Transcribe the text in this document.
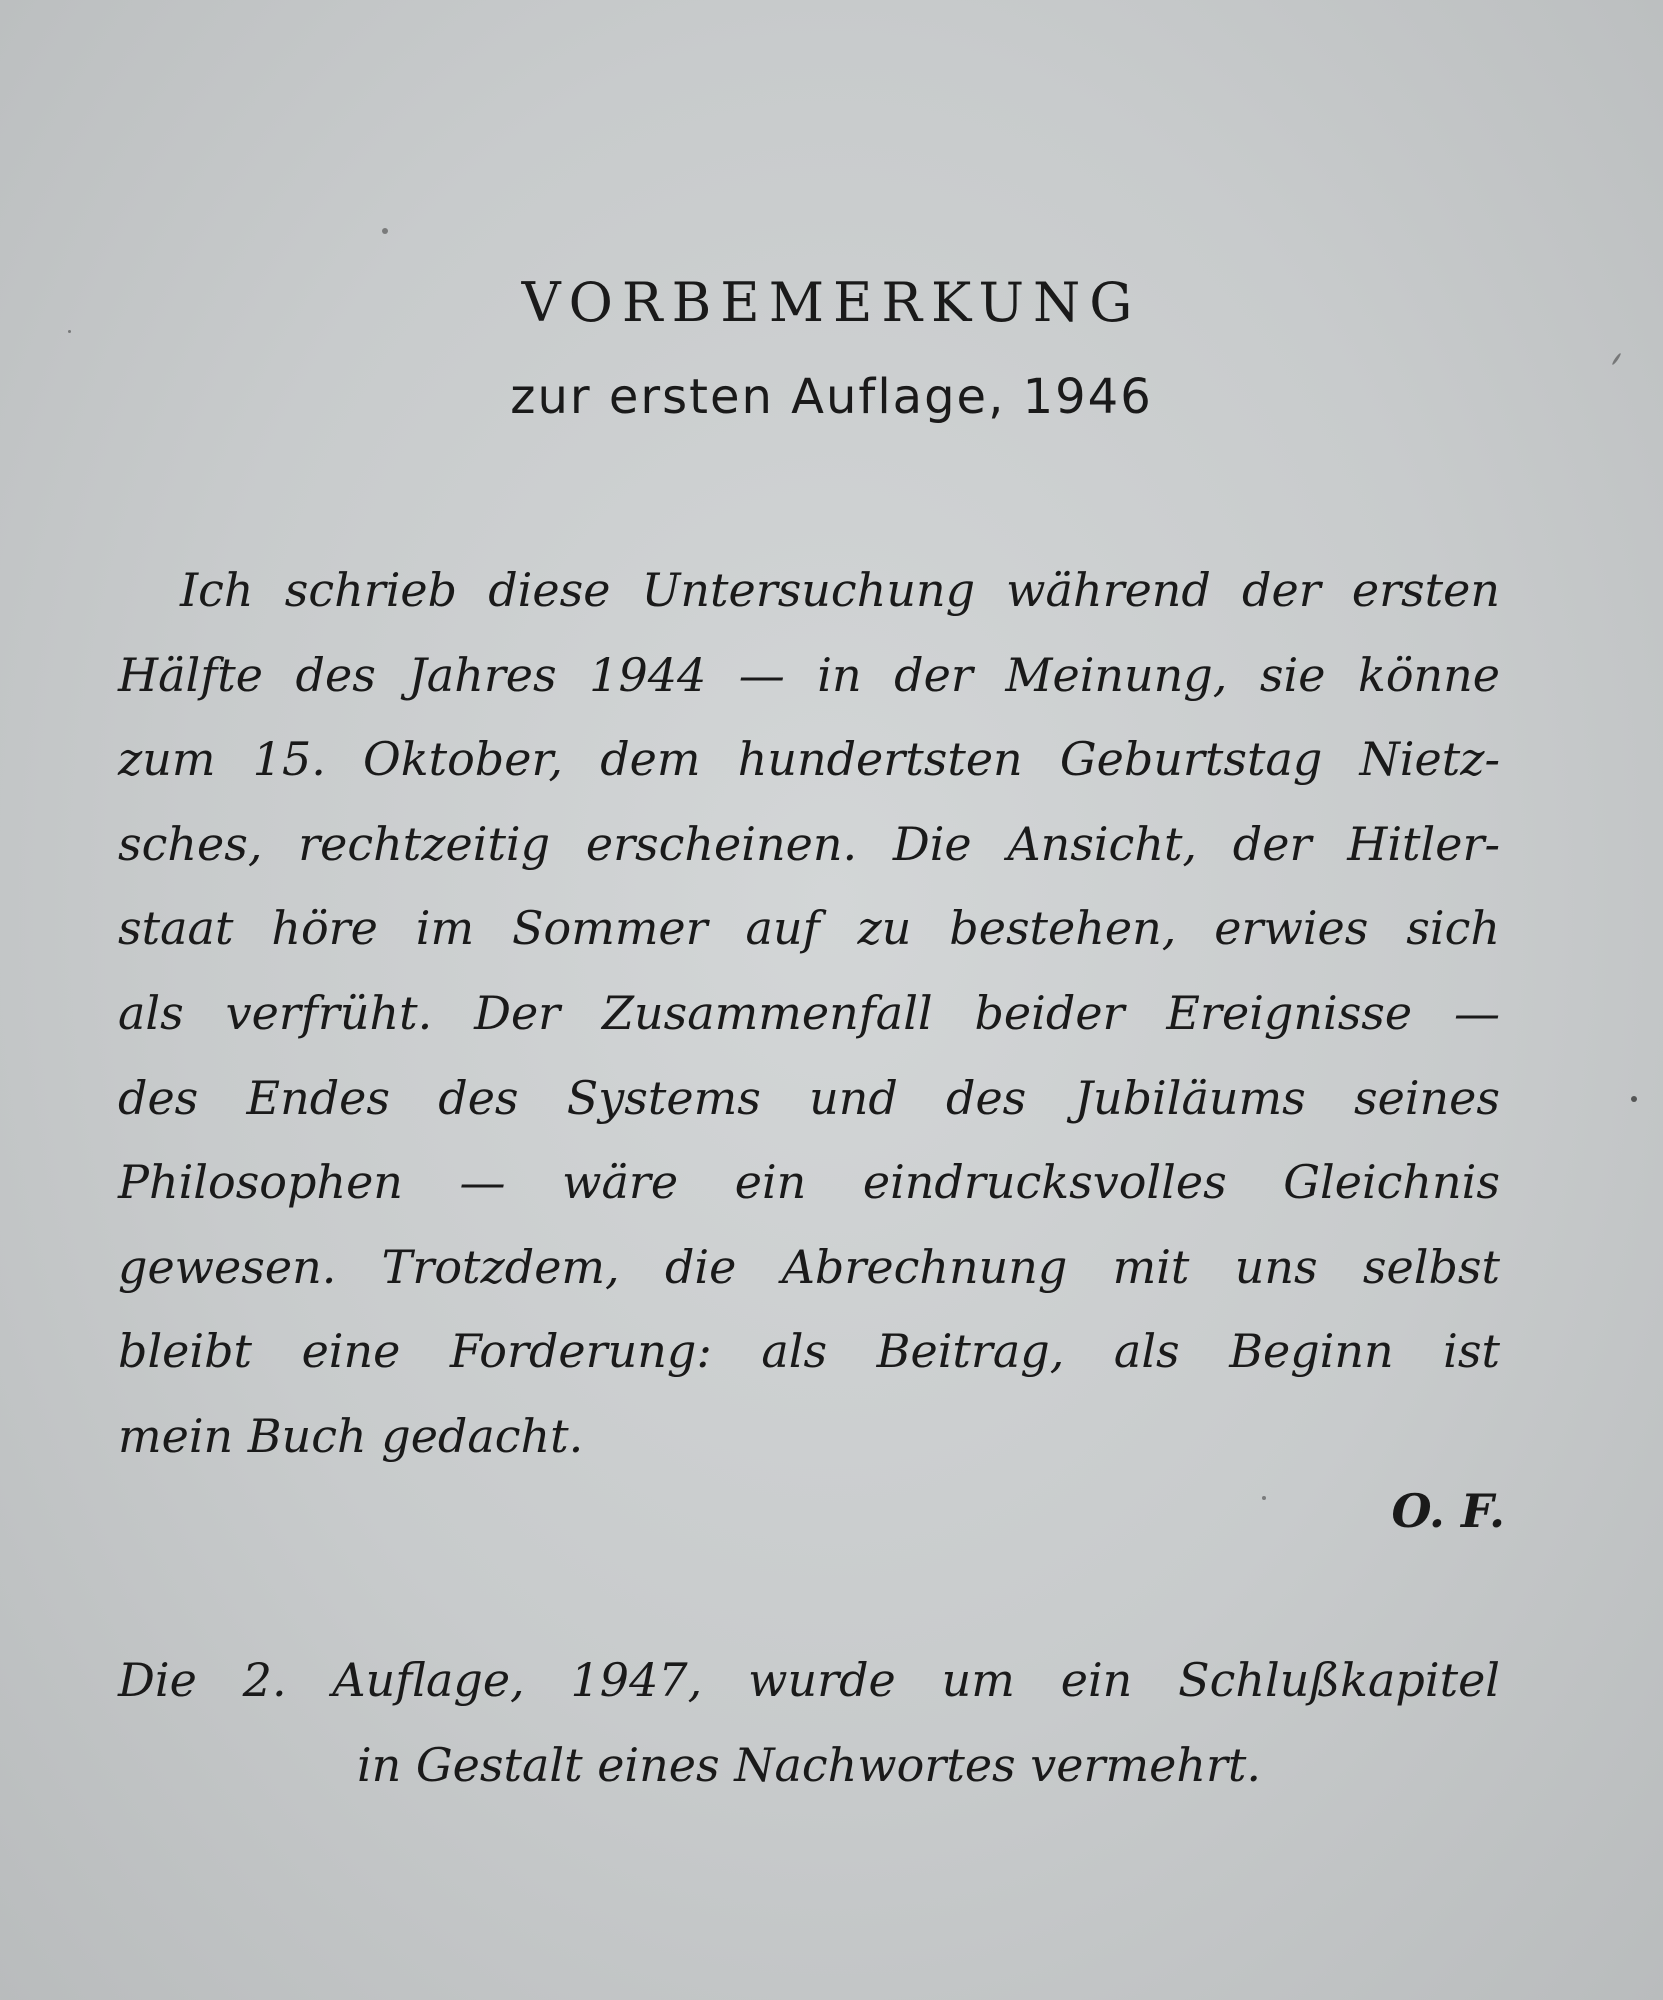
VORBEMERKUNG
zur ersten Auflage, 1946
Ich schrieb diese Untersuchung während der ersten
Hälfte des Jahres 1944 — in der Meinung, sie könne
zum 15. Oktober, dem hundertsten Geburtstag Nietz-
sches, rechtzeitig erscheinen. Die Ansicht, der Hitler-
staat höre im Sommer auf zu bestehen, erwies sich
als verfrüht. Der Zusammenfall beider Ereignisse —
des Endes des Systems und des Jubiläums seines
Philosophen — wäre ein eindrucksvolles Gleichnis
gewesen. Trotzdem, die Abrechnung mit uns selbst
bleibt eine Forderung: als Beitrag, als Beginn ist
mein Buch gedacht.
O. F.
Die 2. Auflage, 1947, wurde um ein Schlußkapitel
in Gestalt eines Nachwortes vermehrt.
